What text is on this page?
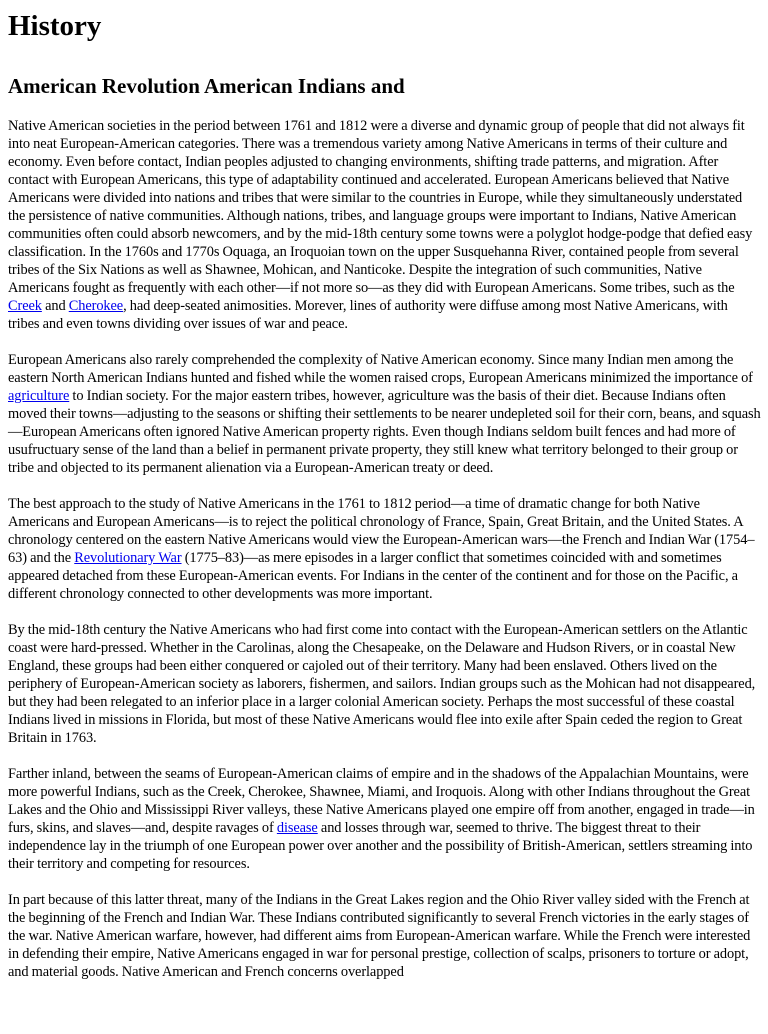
History
American Revolution American Indians and

Native American societies in the period between 1761 and 1812 were a diverse and dynamic group of people that did not always fit into neat European-American categories. There was a tremendous variety among Native Americans in terms of their culture and economy. Even before contact, Indian peoples adjusted to changing environments, shifting trade patterns, and migration. After contact with European Americans, this type of adaptability continued and accelerated. European Americans believed that Native Americans were divided into nations and tribes that were similar to the countries in Europe, while they simultaneously understated the persistence of native communities. Although nations, tribes, and language groups were important to Indians, Native American communities often could absorb newcomers, and by the mid-18th century some towns were a polyglot hodge-podge that defied easy classification. In the 1760s and 1770s Oquaga, an Iroquoian town on the upper Susquehanna River, contained people from several tribes of the Six Nations as well as Shawnee, Mohican, and Nanticoke. Despite the integration of such communities, Native Americans fought as frequently with each other—if not more so—as they did with European Americans. Some tribes, such as the Creek and Cherokee, had deep-seated animosities. Morever, lines of authority were diffuse among most Native Americans, with tribes and even towns dividing over issues of war and peace.

European Americans also rarely comprehended the complexity of Native American economy. Since many Indian men among the eastern North American Indians hunted and fished while the women raised crops, European Americans minimized the importance of agriculture to Indian society. For the major eastern tribes, however, agriculture was the basis of their diet. Because Indians often moved their towns—adjusting to the seasons or shifting their settlements to be nearer undepleted soil for their corn, beans, and squash—European Americans often ignored Native American property rights. Even though Indians seldom built fences and had more of usufructuary sense of the land than a belief in permanent private property, they still knew what territory belonged to their group or tribe and objected to its permanent alienation via a European-American treaty or deed.

The best approach to the study of Native Americans in the 1761 to 1812 period—a time of dramatic change for both Native Americans and European Americans—is to reject the political chronology of France, Spain, Great Britain, and the United States. A chronology centered on the eastern Native Americans would view the European-American wars—the French and Indian War (1754–63) and the Revolutionary War (1775–83)—as mere episodes in a larger conflict that sometimes coincided with and sometimes appeared detached from these European-American events. For Indians in the center of the continent and for those on the Pacific, a different chronology connected to other developments was more important.

By the mid-18th century the Native Americans who had first come into contact with the European-American settlers on the Atlantic coast were hard-pressed. Whether in the Carolinas, along the Chesapeake, on the Delaware and Hudson Rivers, or in coastal New England, these groups had been either conquered or cajoled out of their territory. Many had been enslaved. Others lived on the periphery of European-American society as laborers, fishermen, and sailors. Indian groups such as the Mohican had not disappeared, but they had been relegated to an inferior place in a larger colonial American society. Perhaps the most successful of these coastal Indians lived in missions in Florida, but most of these Native Americans would flee into exile after Spain ceded the region to Great Britain in 1763.

Farther inland, between the seams of European-American claims of empire and in the shadows of the Appalachian Mountains, were more powerful Indians, such as the Creek, Cherokee, Shawnee, Miami, and Iroquois. Along with other Indians throughout the Great Lakes and the Ohio and Mississippi River valleys, these Native Americans played one empire off from another, engaged in trade—in furs, skins, and slaves—and, despite ravages of disease and losses through war, seemed to thrive. The biggest threat to their independence lay in the triumph of one European power over another and the possibility of British-American, settlers streaming into their territory and competing for resources.

In part because of this latter threat, many of the Indians in the Great Lakes region and the Ohio River valley sided with the French at the beginning of the French and Indian War. These Indians contributed significantly to several French victories in the early stages of the war. Native American warfare, however, had different aims from European-American warfare. While the French were interested in defending their empire, Native Americans engaged in war for personal prestige, collection of scalps, prisoners to torture or adopt, and material goods. Native American and French concerns overlapped
